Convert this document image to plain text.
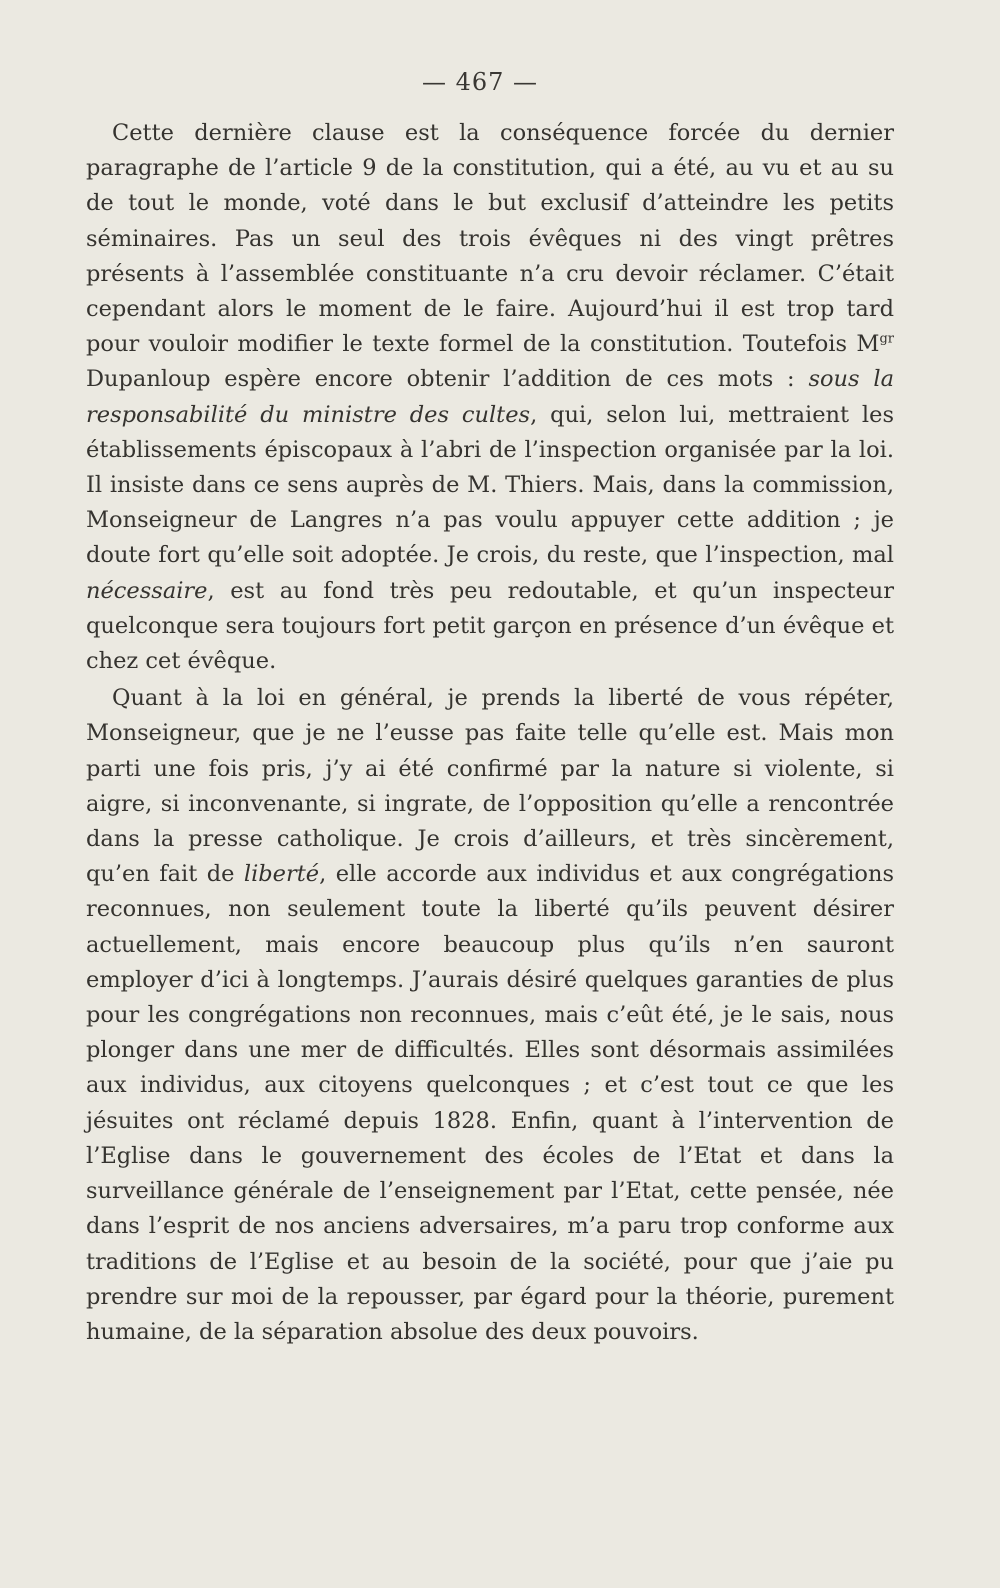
— 467 —

Cette dernière clause est la conséquence forcée du dernier paragraphe de l’article 9 de la constitution, qui a été, au vu et au su de tout le monde, voté dans le but exclusif d’atteindre les petits séminaires. Pas un seul des trois évêques ni des vingt prêtres présents à l’assemblée constituante n’a cru devoir réclamer. C’était cependant alors le moment de le faire. Aujourd’hui il est trop tard pour vouloir modifier le texte formel de la constitution. Toutefois $M^{gr}$ Dupanloup espère encore obtenir l’addition de ces mots : sous la responsabilité du ministre des cultes, qui, selon lui, mettraient les établissements épiscopaux à l’abri de l’inspection organisée par la loi. Il insiste dans ce sens auprès de M. Thiers. Mais, dans la commission, Monseigneur de Langres n’a pas voulu appuyer cette addition ; je doute fort qu’elle soit adoptée. Je crois, du reste, que l’inspection, mal nécessaire, est au fond très peu redoutable, et qu’un inspecteur quelconque sera toujours fort petit garçon en présence d’un évêque et chez cet évêque.

Quant à la loi en général, je prends la liberté de vous répéter, Monseigneur, que je ne l’eusse pas faite telle qu’elle est. Mais mon parti une fois pris, j’y ai été confirmé par la nature si violente, si aigre, si inconvenante, si ingrate, de l’opposition qu’elle a rencontrée dans la presse catholique. Je crois d’ailleurs, et très sincèrement, qu’en fait de liberté, elle accorde aux individus et aux congrégations reconnues, non seulement toute la liberté qu’ils peuvent désirer actuellement, mais encore beaucoup plus qu’ils n’en sauront employer d’ici à longtemps. J’aurais désiré quelques garanties de plus pour les congrégations non reconnues, mais c’eût été, je le sais, nous plonger dans une mer de difficultés. Elles sont désormais assimilées aux individus, aux citoyens quelconques ; et c’est tout ce que les jésuites ont réclamé depuis 1828. Enfin, quant à l’intervention de l’Eglise dans le gouvernement des écoles de l’Etat et dans la surveillance générale de l’enseignement par l’Etat, cette pensée, née dans l’esprit de nos anciens adversaires, m’a paru trop conforme aux traditions de l’Eglise et au besoin de la société, pour que j’aie pu prendre sur moi de la repousser, par égard pour la théorie, purement humaine, de la séparation absolue des deux pouvoirs.
